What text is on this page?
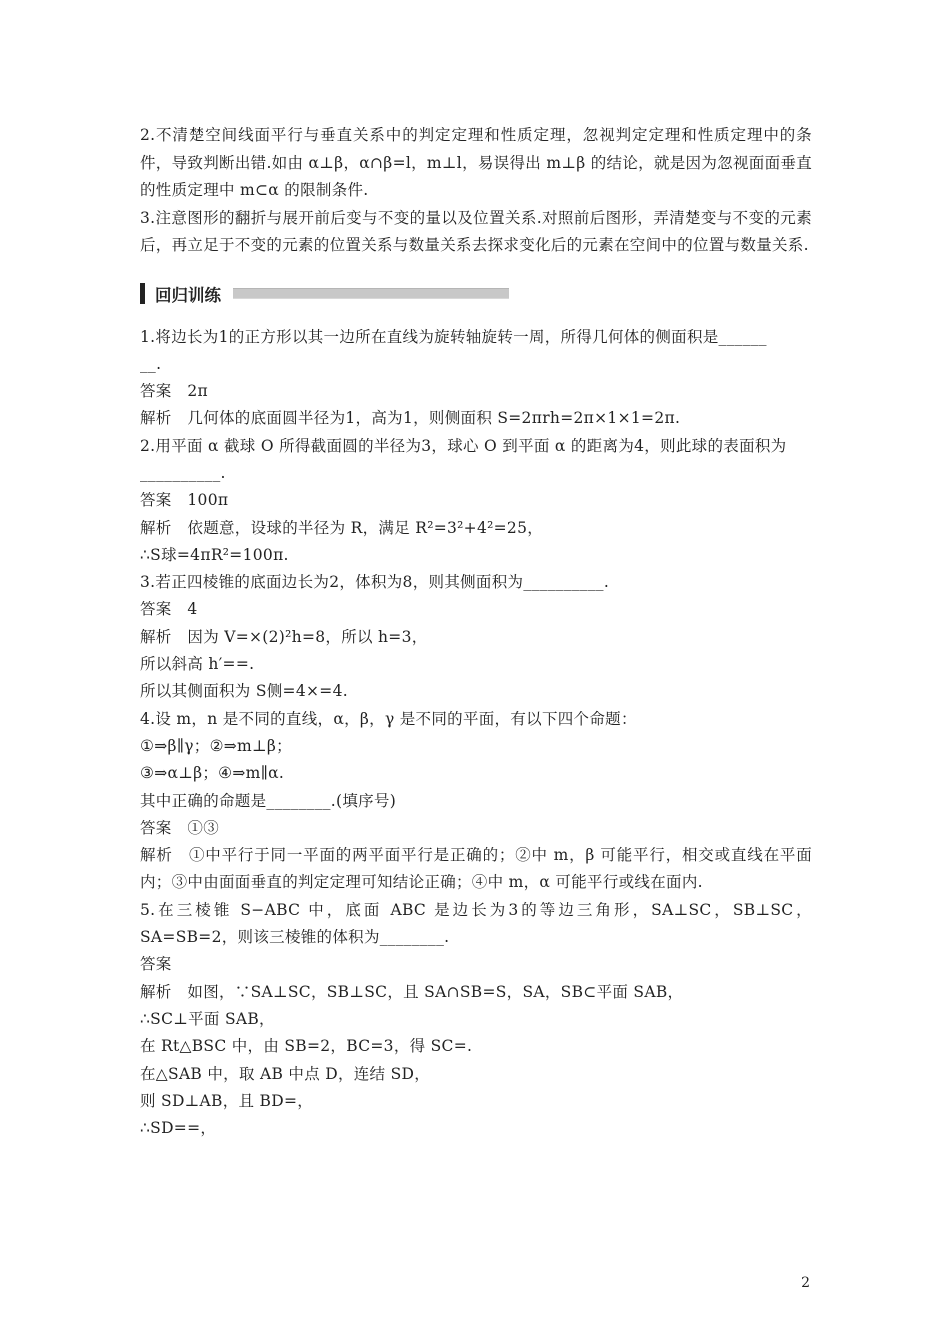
2.不清楚空间线面平行与垂直关系中的判定定理和性质定理，忽视判定定理和性质定理中的条件，导致判断出错.如由 α⊥β，α∩β=l，m⊥l，易误得出 m⊥β 的结论，就是因为忽视面面垂直的性质定理中 m⊂α 的限制条件.

3.注意图形的翻折与展开前后变与不变的量以及位置关系.对照前后图形，弄清楚变与不变的元素后，再立足于不变的元素的位置关系与数量关系去探求变化后的元素在空间中的位置与数量关系.

回归训练

1.将边长为1的正方形以其一边所在直线为旋转轴旋转一周，所得几何体的侧面积是______

__.

答案　2π

解析　几何体的底面圆半径为1，高为1，则侧面积 S=2πrh=2π×1×1=2π.

2.用平面 α 截球 O 所得截面圆的半径为3，球心 O 到平面 α 的距离为4，则此球的表面积为

__________.

答案　100π

解析　依题意，设球的半径为 R，满足 R²=3²+4²=25，

∴S球=4πR²=100π.

3.若正四棱锥的底面边长为2，体积为8，则其侧面积为__________.

答案　4

解析　因为 V=×(2)²h=8，所以 h=3，

所以斜高 h′==.

所以其侧面积为 S侧=4×=4.

4.设 m，n 是不同的直线，α，β，γ 是不同的平面，有以下四个命题：

①⇒β∥γ；②⇒m⊥β；

③⇒α⊥β；④⇒m∥α.

其中正确的命题是________.(填序号)

答案　①③

解析　①中平行于同一平面的两平面平行是正确的；②中 m，β 可能平行，相交或直线在平面内；③中由面面垂直的判定定理可知结论正确；④中 m，α 可能平行或线在面内.

5.在三棱锥 S−ABC 中，底面 ABC 是边长为3的等边三角形，SA⊥SC，SB⊥SC，SA=SB=2，则该三棱锥的体积为________.

答案

解析　如图，∵SA⊥SC，SB⊥SC，且 SA∩SB=S，SA，SB⊂平面 SAB，

∴SC⊥平面 SAB，

在 Rt△BSC 中，由 SB=2，BC=3，得 SC=.

在△SAB 中，取 AB 中点 D，连结 SD，

则 SD⊥AB，且 BD=，

∴SD==，

2
